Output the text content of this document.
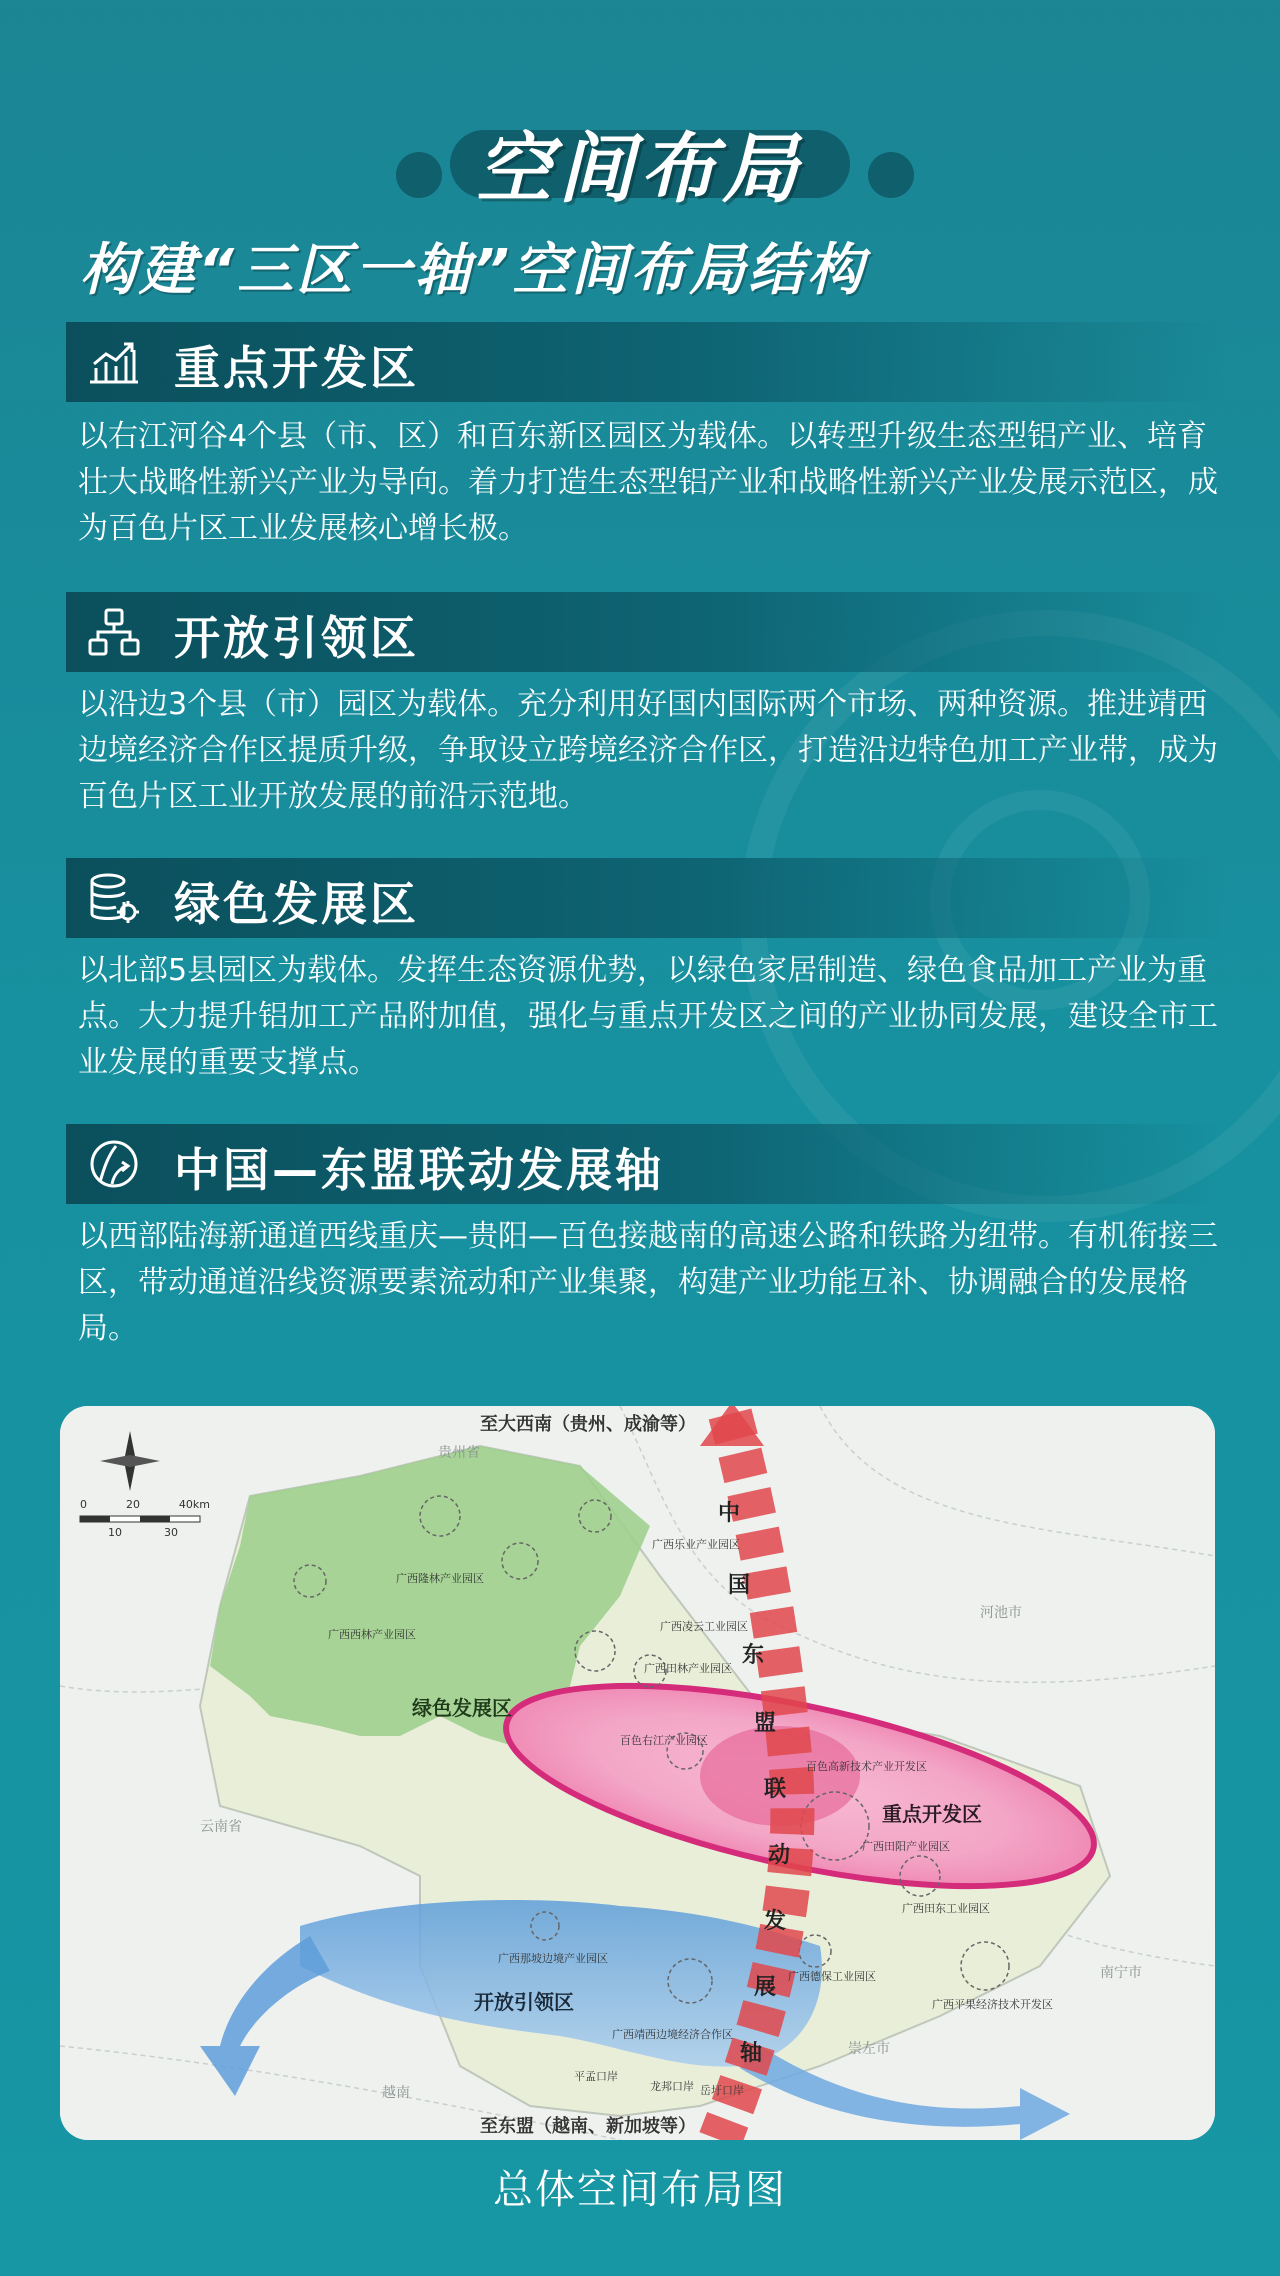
空间布局
构建“三区一轴”空间布局结构
重点开发区
以右江河谷4个县（市、区）和百东新区园区为载体。以转型升级生态型铝产业、培育壮大战略性新兴产业为导向。着力打造生态型铝产业和战略性新兴产业发展示范区，成为百色片区工业发展核心增长极。
开放引领区
以沿边3个县（市）园区为载体。充分利用好国内国际两个市场、两种资源。推进靖西边境经济合作区提质升级，争取设立跨境经济合作区，打造沿边特色加工产业带，成为百色片区工业开放发展的前沿示范地。
绿色发展区
以北部5县园区为载体。发挥生态资源优势，以绿色家居制造、绿色食品加工产业为重点。大力提升铝加工产品附加值，强化与重点开发区之间的产业协同发展，建设全市工业发展的重要支撑点。
中国—东盟联动发展轴
以西部陆海新通道西线重庆—贵阳—百色接越南的高速公路和铁路为纽带。有机衔接三区，带动通道沿线资源要素流动和产业集聚，构建产业功能互补、协调融合的发展格局。
0	20	40km
10	30
至大西南（贵州、成渝等）
至东盟（越南、新加坡等）
绿色发展区
重点开发区
开放引领区
贵州省
云南省
河池市
南宁市
崇左市
越南
广西乐业产业园区
广西隆林产业园区
广西西林产业园区
广西凌云工业园区
广西田林产业园区
百色右江产业园区
百色高新技术产业开发区
广西田阳产业园区
广西田东工业园区
广西平果经济技术开发区
广西那坡边境产业园区
广西靖西边境经济合作区
广西德保工业园区
平孟口岸
龙邦口岸 岳圩口岸
中
国
东
盟
联
动
发
展
轴
总体空间布局图
